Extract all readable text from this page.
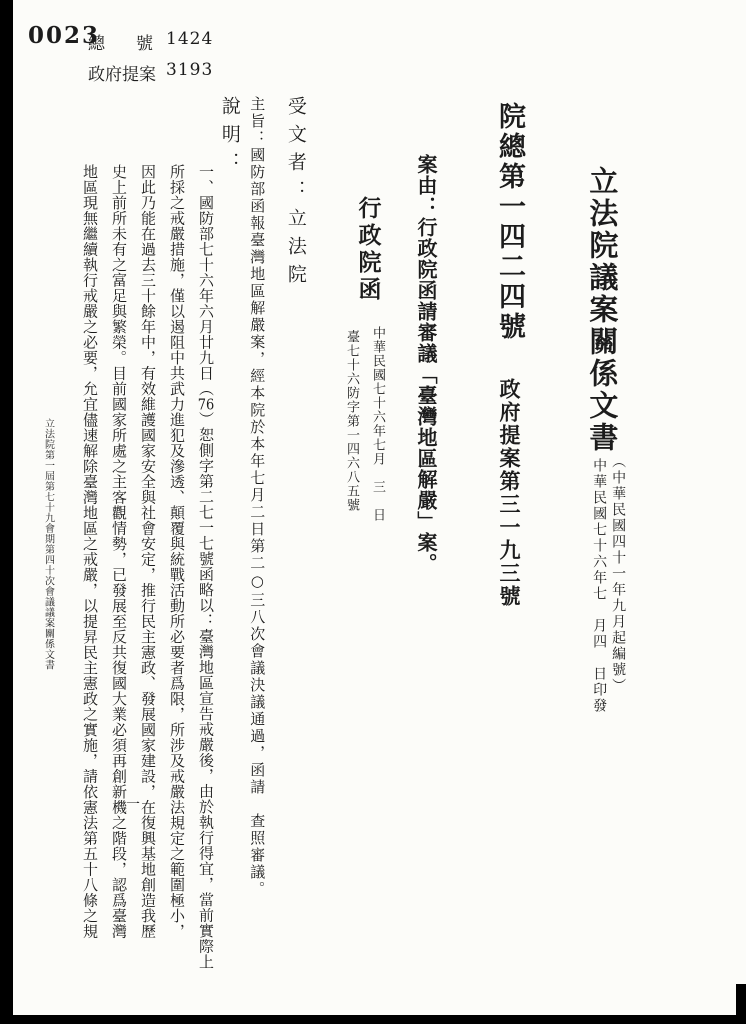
0023
總　號 1424
政府提案 3193
立法院議案關係文書
（中華民國四十一年九月起編號）
中華民國七十六年七　月四　日印發
院總第一四二四號 　 政府提案第三一九三號
案由：行政院函請審議「臺灣地區解嚴」案。
行政院函
中華民國七十六年七月　三　日
臺七十六防字第一四六八五號
受文者：立法院
主旨：國防部函報臺灣地區解嚴案，經本院於本年七月二日第二○三八次會議決議通過，函請　查照審議。
說明：
一、國防部七十六年六月廿九日（76）恕側字第二七一七號函略以：臺灣地區宣告戒嚴後，由於執行得宜，當前實際上
所採之戒嚴措施，僅以遏阻中共武力進犯及滲透、顛覆與統戰活動所必要者爲限，所涉及戒嚴法規定之範圍極小，
因此乃能在過去三十餘年中，有效維護國家安全與社會安定，推行民主憲政、發展國家建設，在復興基地創造我歷
史上前所未有之富足與繁榮。目前國家所處之主客觀情勢，已發展至反共復國大業必須再創新機之階段，認爲臺灣
地區現無繼續執行戒嚴之必要，允宜儘速解除臺灣地區之戒嚴，以提昇民主憲政之實施，請依憲法第五十八條之規
立法院第一屆第七十九會期第四十次會議議案關係文書
一
